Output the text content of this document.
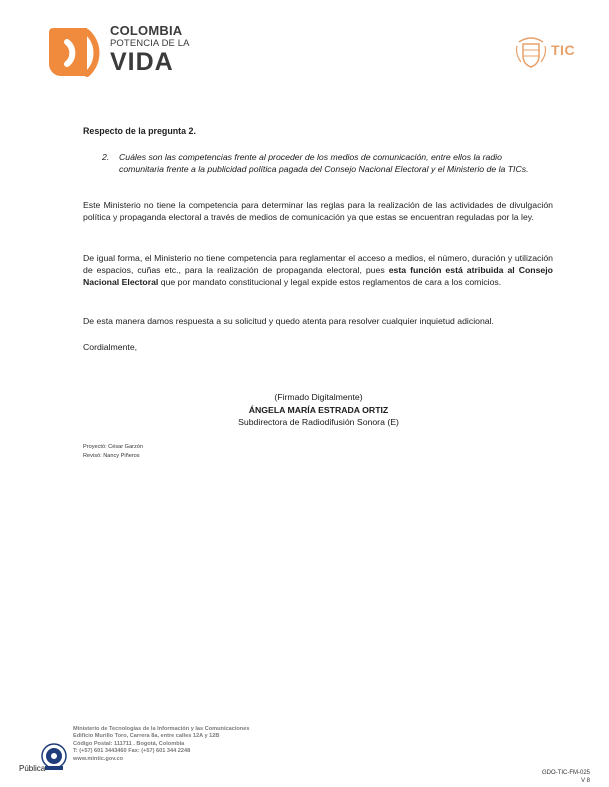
COLOMBIA
POTENCIA DE LA
VIDA	TIC
Respecto de la pregunta 2.
2.	Cuáles son las competencias frente al proceder de los medios de comunicación, entre ellos la radio comunitaria frente a la publicidad política pagada del Consejo Nacional Electoral y el Ministerio de la TICs.
Este Ministerio no tiene la competencia para determinar las reglas para la realización de las actividades de divulgación política y propaganda electoral a través de medios de comunicación ya que estas se encuentran reguladas por la ley.
De igual forma, el Ministerio no tiene competencia para reglamentar el acceso a medios, el número, duración y utilización de espacios, cuñas etc., para la realización de propaganda electoral, pues esta función está atribuida al Consejo Nacional Electoral que por mandato constitucional y legal expide estos reglamentos de cara a los comicios.
De esta manera damos respuesta a su solicitud y quedo atenta para resolver cualquier inquietud adicional.
Cordialmente,
(Firmado Digitalmente)
ÁNGELA MARÍA ESTRADA ORTIZ
Subdirectora de Radiodifusión Sonora (E)
Proyectó: César Garzón
Revisó: Nancy Piñeros
Ministerio de Tecnologías de la Información y las Comunicaciones
Edificio Murillo Toro, Carrera 8a, entre calles 12A y 12B
Código Postal: 111711 . Bogotá, Colombia
T: (+57) 601 3443460 Fax: (+57) 601 344 2248
www.mintic.gov.co
Pública	GDO-TIC-FM-025
V 8
